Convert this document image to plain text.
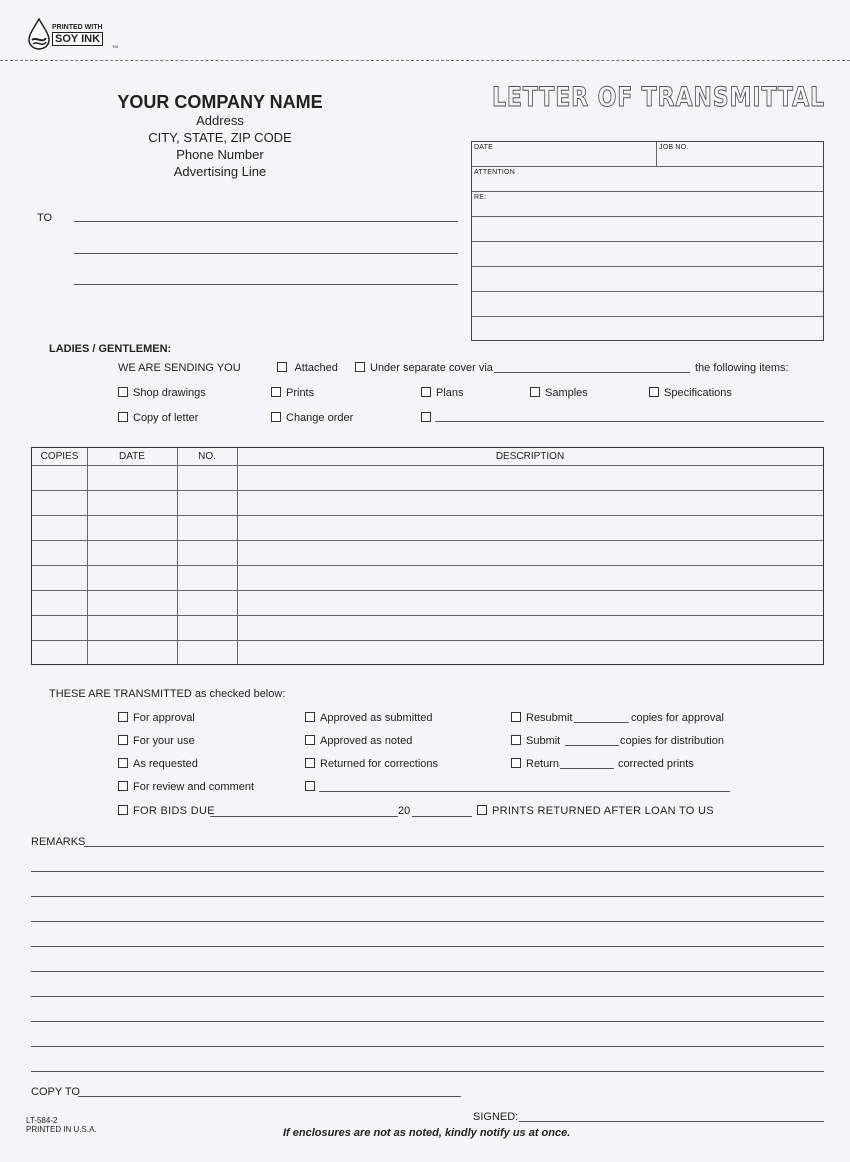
PRINTED WITH
SOY INK
TM
LETTER OF TRANSMITTAL
YOUR COMPANY NAME
Address
CITY, STATE, ZIP CODE
Phone Number
Advertising Line
TO
DATE	JOB NO.
ATTENTION
RE:
LADIES / GENTLEMEN:
WE ARE SENDING YOU	Attached	Under separate cover via	the following items:
Shop drawings	Prints	Plans	Samples	Specifications
Copy of letter	Change order
COPIES	DATE	NO.	DESCRIPTION
THESE ARE TRANSMITTED as checked below:
For approval
For your use
As requested
For review and comment
Approved as submitted
Approved as noted
Returned for corrections
Resubmit	copies for approval
Submit	copies for distribution
Return	corrected prints
FOR BIDS DUE	20	PRINTS RETURNED AFTER LOAN TO US
REMARKS
COPY TO
SIGNED:
LT-584-2
PRINTED IN U.S.A.	If enclosures are not as noted, kindly notify us at once.
